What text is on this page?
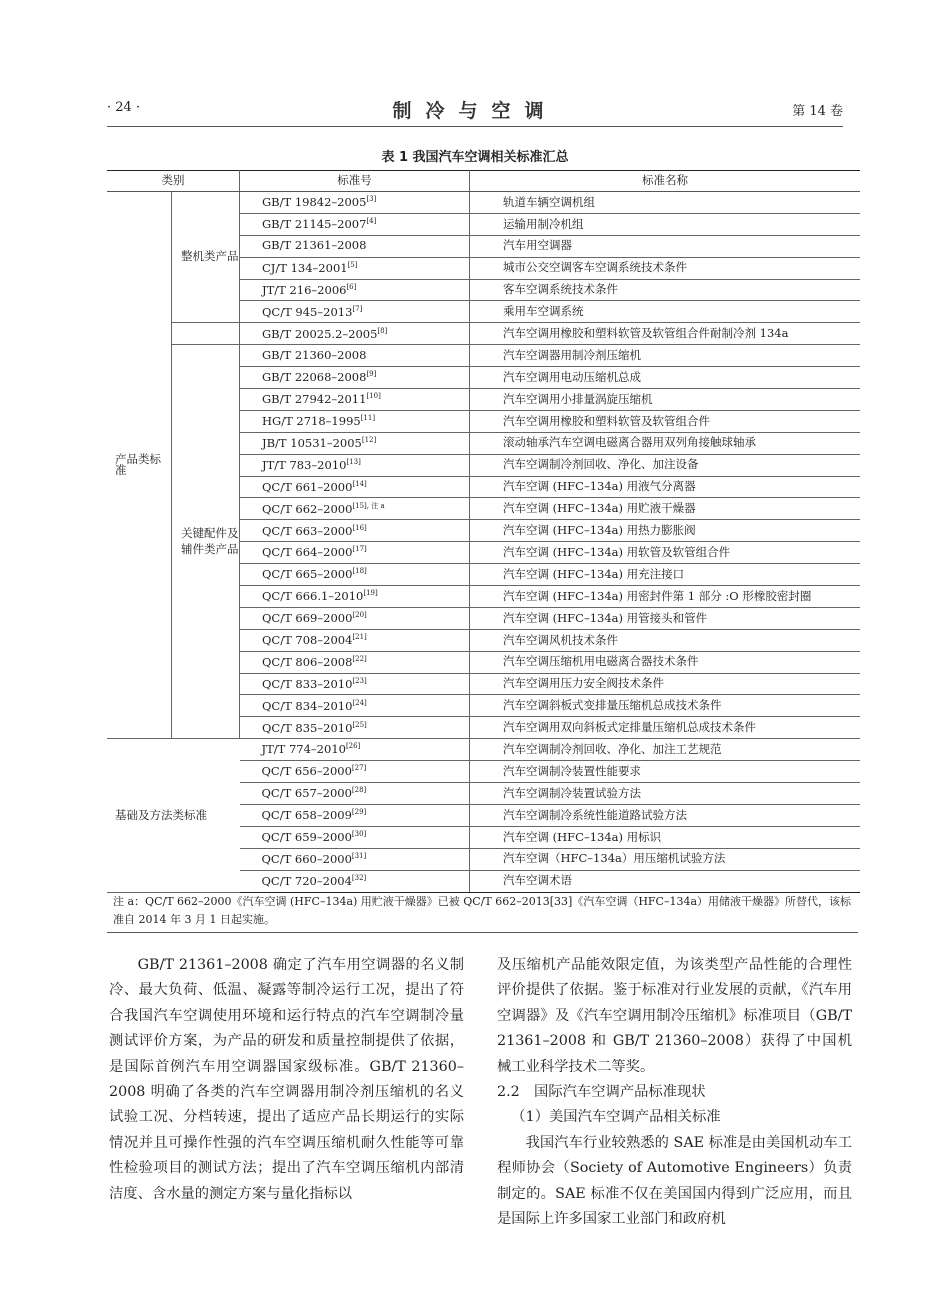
· 24 ·	制冷与空调	第 14 卷
表 1 我国汽车空调相关标准汇总
类别		标准号	标准名称
产品类标准	整机类产品	GB/T 19842–2005[3]	轨道车辆空调机组
		GB/T 21145–2007[4]	运输用制冷机组
		GB/T 21361–2008	汽车用空调器
		CJ/T 134–2001[5]	城市公交空调客车空调系统技术条件
		JT/T 216–2006[6]	客车空调系统技术条件
		QC/T 945–2013[7]	乘用车空调系统
		GB/T 20025.2–2005[8]	汽车空调用橡胶和塑料软管及软管组合件耐制冷剂 134a
	关键配件及辅件类产品	GB/T 21360–2008	汽车空调器用制冷剂压缩机
		GB/T 22068–2008[9]	汽车空调用电动压缩机总成
		GB/T 27942–2011[10]	汽车空调用小排量涡旋压缩机
		HG/T 2718–1995[11]	汽车空调用橡胶和塑料软管及软管组合件
		JB/T 10531–2005[12]	滚动轴承汽车空调电磁离合器用双列角接触球轴承
		JT/T 783–2010[13]	汽车空调制冷剂回收、净化、加注设备
		QC/T 661–2000[14]	汽车空调 (HFC–134a) 用液气分离器
		QC/T $662-2000^{[15], 注 a}$	汽车空调 (HFC–134a) 用贮液干燥器
		QC/T 663–2000[16]	汽车空调 (HFC–134a) 用热力膨胀阀
		QC/T 664–2000[17]	汽车空调 (HFC–134a) 用软管及软管组合件
		QC/T 665–2000[18]	汽车空调 (HFC–134a) 用充注接口
		QC/T 666.1–2010[19]	汽车空调 (HFC–134a) 用密封件第 1 部分 :O 形橡胶密封圈
		QC/T 669–2000[20]	汽车空调 (HFC–134a) 用管接头和管件
		QC/T 708–2004[21]	汽车空调风机技术条件
		QC/T 806–2008[22]	汽车空调压缩机用电磁离合器技术条件
		QC/T 833–2010[23]	汽车空调用压力安全阀技术条件
		QC/T 834–2010[24]	汽车空调斜板式变排量压缩机总成技术条件
		QC/T 835–2010[25]	汽车空调用双向斜板式定排量压缩机总成技术条件
基础及方法类标准		JT/T 774–2010[26]	汽车空调制冷剂回收、净化、加注工艺规范
		QC/T 656–2000[27]	汽车空调制冷装置性能要求
		QC/T 657–2000[28]	汽车空调制冷装置试验方法
		QC/T 658–2009[29]	汽车空调制冷系统性能道路试验方法
		QC/T 659–2000[30]	汽车空调 (HFC–134a) 用标识
		QC/T 660–2000[31]	汽车空调（HFC–134a）用压缩机试验方法
		QC/T 720–2004[32]	汽车空调术语
注 a：QC/T 662–2000《汽车空调 (HFC–134a) 用贮液干燥器》已被 QC/T 662–2013[33]《汽车空调（HFC–134a）用储液干燥器》所替代，该标准自 2014 年 3 月 1 日起实施。

GB/T 21361–2008 确定了汽车用空调器的名义制冷、最大负荷、低温、凝露等制冷运行工况，提出了符合我国汽车空调使用环境和运行特点的汽车空调制冷量测试评价方案，为产品的研发和质量控制提供了依据，是国际首例汽车用空调器国家级标准。GB/T 21360–2008 明确了各类的汽车空调器用制冷剂压缩机的名义试验工况、分档转速，提出了适应产品长期运行的实际情况并且可操作性强的汽车空调压缩机耐久性能等可靠性检验项目的测试方法；提出了汽车空调压缩机内部清洁度、含水量的测定方案与量化指标以

及压缩机产品能效限定值，为该类型产品性能的合理性评价提供了依据。鉴于标准对行业发展的贡献，《汽车用空调器》及《汽车空调用制冷压缩机》标准项目（GB/T 21361–2008 和 GB/T 21360–2008）获得了中国机械工业科学技术二等奖。

2.2　国际汽车空调产品标准现状

（1）美国汽车空调产品相关标准

我国汽车行业较熟悉的 SAE 标准是由美国机动车工程师协会（Society of Automotive Engineers）负责制定的。SAE 标准不仅在美国国内得到广泛应用，而且是国际上许多国家工业部门和政府机
